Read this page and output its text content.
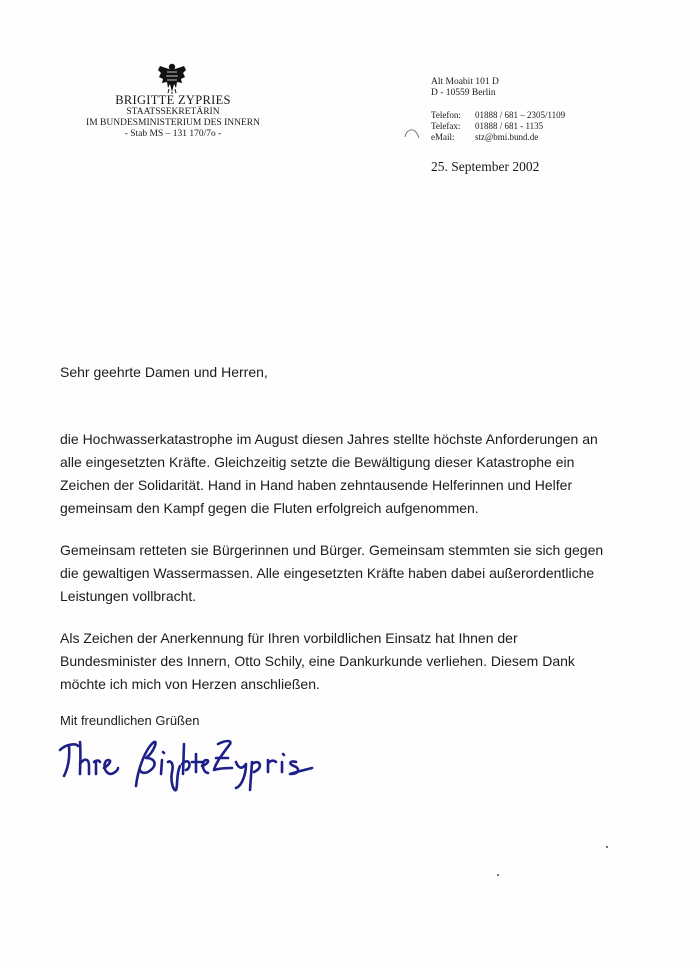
BRIGITTE ZYPRIES
STAATSSEKRETÄRIN
IM BUNDESMINISTERIUM DES INNERN
- Stab MS – 131 170/7o -
Alt Moabit 101 D
D - 10559 Berlin
Telefon:	01888 / 681 – 2305/1109
Telefax:	01888 / 681 - 1135
eMail:	stz@bmi.bund.de
25. September 2002
Sehr geehrte Damen und Herren,

die Hochwasserkatastrophe im August diesen Jahres stellte höchste Anforderungen an alle eingesetzten Kräfte. Gleichzeitig setzte die Bewältigung dieser Katastrophe ein Zeichen der Solidarität. Hand in Hand haben zehntausende Helferinnen und Helfer gemeinsam den Kampf gegen die Fluten erfolgreich aufgenommen.

Gemeinsam retteten sie Bürgerinnen und Bürger. Gemeinsam stemmten sie sich gegen die gewaltigen Wassermassen. Alle eingesetzten Kräfte haben dabei außerordentliche Leistungen vollbracht.

Als Zeichen der Anerkennung für Ihren vorbildlichen Einsatz hat Ihnen der Bundesminister des Innern, Otto Schily, eine Dankurkunde verliehen. Diesem Dank möchte ich mich von Herzen anschließen.

Mit freundlichen Grüßen
